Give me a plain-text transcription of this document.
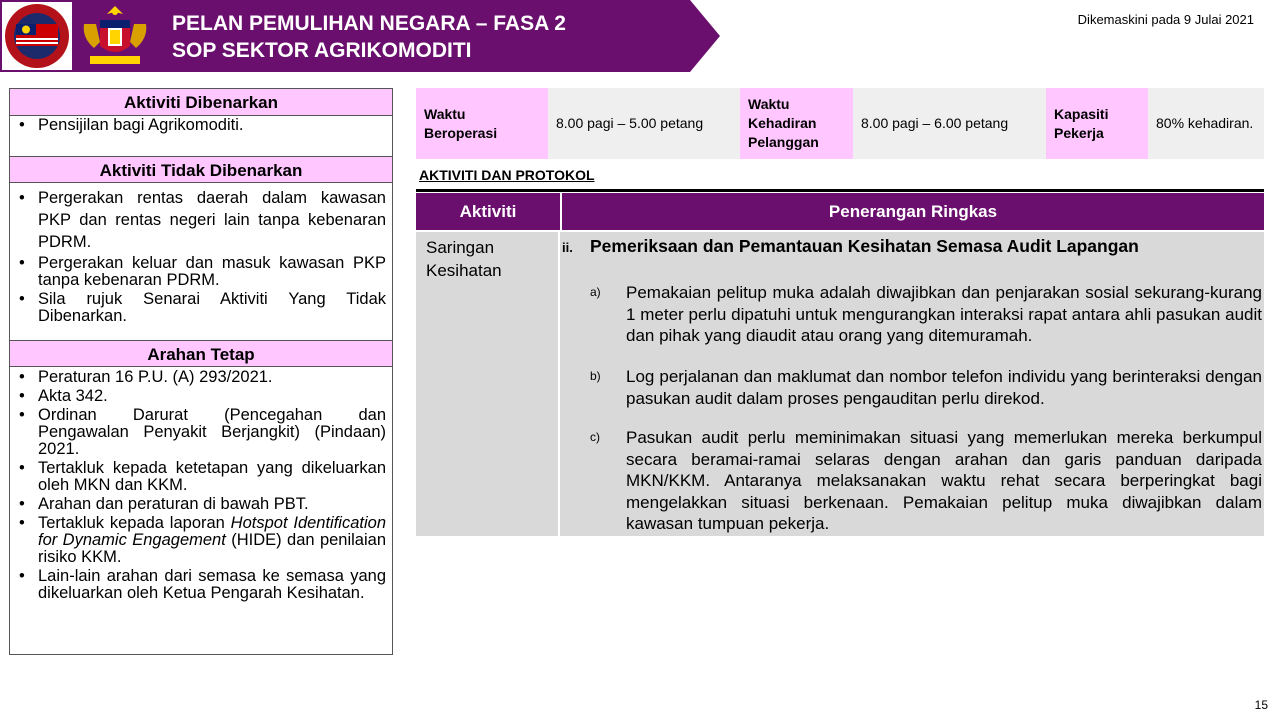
PELAN PEMULIHAN NEGARA – FASA 2
SOP SEKTOR AGRIKOMODITI
Dikemaskini pada 9 Julai 2021
Aktiviti Dibenarkan
• Pensijilan bagi Agrikomoditi.
Aktiviti Tidak Dibenarkan
• Pergerakan rentas daerah dalam kawasan PKP dan rentas negeri lain tanpa kebenaran PDRM.
• Pergerakan keluar dan masuk kawasan PKP tanpa kebenaran PDRM.
• Sila rujuk Senarai Aktiviti Yang Tidak Dibenarkan.
Arahan Tetap
• Peraturan 16 P.U. (A) 293/2021.
• Akta 342.
• Ordinan Darurat (Pencegahan dan Pengawalan Penyakit Berjangkit) (Pindaan) 2021.
• Tertakluk kepada ketetapan yang dikeluarkan oleh MKN dan KKM.
• Arahan dan peraturan di bawah PBT.
• Tertakluk kepada laporan Hotspot Identification for Dynamic Engagement (HIDE) dan penilaian risiko KKM.
• Lain-lain arahan dari semasa ke semasa yang dikeluarkan oleh Ketua Pengarah Kesihatan.
Waktu Beroperasi
8.00 pagi – 5.00 petang
Waktu Kehadiran Pelanggan
8.00 pagi – 6.00 petang
Kapasiti Pekerja
80% kehadiran.
AKTIVITI DAN PROTOKOL
Aktiviti	Penerangan Ringkas
Saringan Kesihatan
ii. Pemeriksaan dan Pemantauan Kesihatan Semasa Audit Lapangan
a) Pemakaian pelitup muka adalah diwajibkan dan penjarakan sosial sekurang-kurang 1 meter perlu dipatuhi untuk mengurangkan interaksi rapat antara ahli pasukan audit dan pihak yang diaudit atau orang yang ditemuramah.
b) Log perjalanan dan maklumat dan nombor telefon individu yang berinteraksi dengan pasukan audit dalam proses pengauditan perlu direkod.
c) Pasukan audit perlu meminimakan situasi yang memerlukan mereka berkumpul secara beramai-ramai selaras dengan arahan dan garis panduan daripada MKN/KKM. Antaranya melaksanakan waktu rehat secara berperingkat bagi mengelakkan situasi berkenaan. Pemakaian pelitup muka diwajibkan dalam kawasan tumpuan pekerja.
15
